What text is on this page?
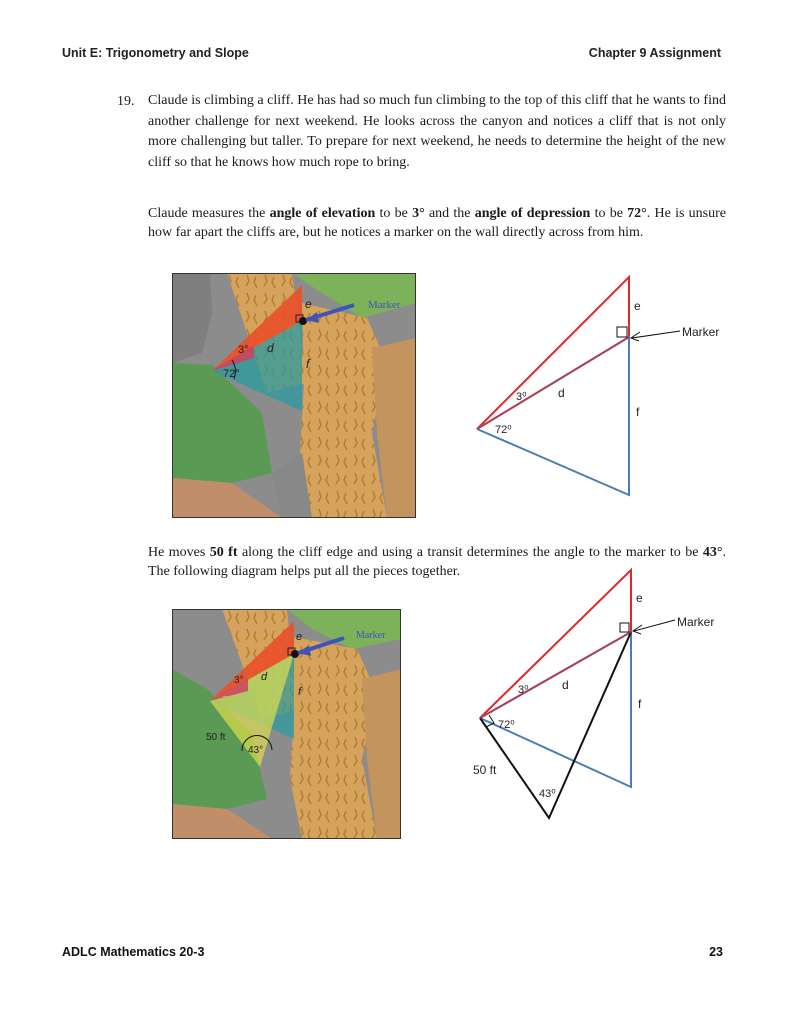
Unit E: Trigonometry and Slope	Chapter 9 Assignment
19. Claude is climbing a cliff. He has had so much fun climbing to the top of this cliff that he wants to find another challenge for next weekend. He looks across the canyon and notices a cliff that is not only more challenging but taller. To prepare for next weekend, he needs to determine the height of the new cliff so that he knows how much rope to bring.
Claude measures the angle of elevation to be 3° and the angle of depression to be 72°. He is unsure how far apart the cliffs are, but he notices a marker on the wall directly across from him.
Marker
e
d
f
3°
72°
Marker
e
d
f
3⁰
72⁰
He moves 50 ft along the cliff edge and using a transit determines the angle to the marker to be 43°. The following diagram helps put all the pieces together.
Marker
e
d
f
3°
72°
50 ft
43°
Marker
e
d
f
3⁰
72⁰
50 ft
43⁰
ADLC Mathematics 20-3	23
